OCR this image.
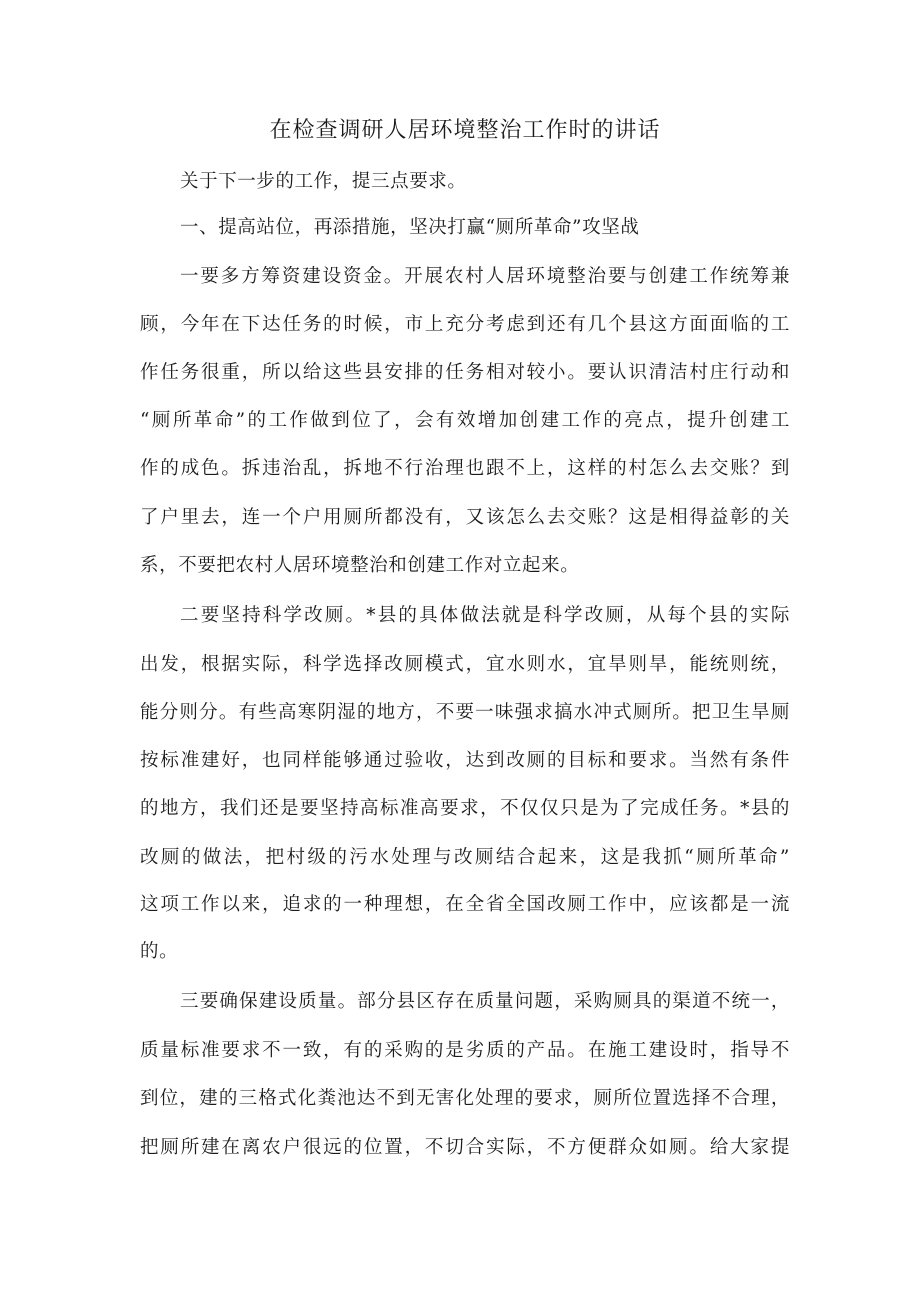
在检查调研人居环境整治工作时的讲话
关于下一步的工作，提三点要求。
一、提高站位，再添措施，坚决打赢“厕所革命”攻坚战
一要多方筹资建设资金。开展农村人居环境整治要与创建工作统筹兼
顾，今年在下达任务的时候，市上充分考虑到还有几个县这方面面临的工
作任务很重，所以给这些县安排的任务相对较小。要认识清洁村庄行动和
“厕所革命”的工作做到位了，会有效增加创建工作的亮点，提升创建工
作的成色。拆违治乱，拆地不行治理也跟不上，这样的村怎么去交账？到
了户里去，连一个户用厕所都没有，又该怎么去交账？这是相得益彰的关
系，不要把农村人居环境整治和创建工作对立起来。
二要坚持科学改厕。*县的具体做法就是科学改厕，从每个县的实际
出发，根据实际，科学选择改厕模式，宜水则水，宜旱则旱，能统则统，
能分则分。有些高寒阴湿的地方，不要一味强求搞水冲式厕所。把卫生旱厕
按标准建好，也同样能够通过验收，达到改厕的目标和要求。当然有条件
的地方，我们还是要坚持高标准高要求，不仅仅只是为了完成任务。*县的
改厕的做法，把村级的污水处理与改厕结合起来，这是我抓“厕所革命”
这项工作以来，追求的一种理想，在全省全国改厕工作中，应该都是一流
的。
三要确保建设质量。部分县区存在质量问题，采购厕具的渠道不统一，
质量标准要求不一致，有的采购的是劣质的产品。在施工建设时，指导不
到位，建的三格式化粪池达不到无害化处理的要求，厕所位置选择不合理，
把厕所建在离农户很远的位置，不切合实际，不方便群众如厕。给大家提
